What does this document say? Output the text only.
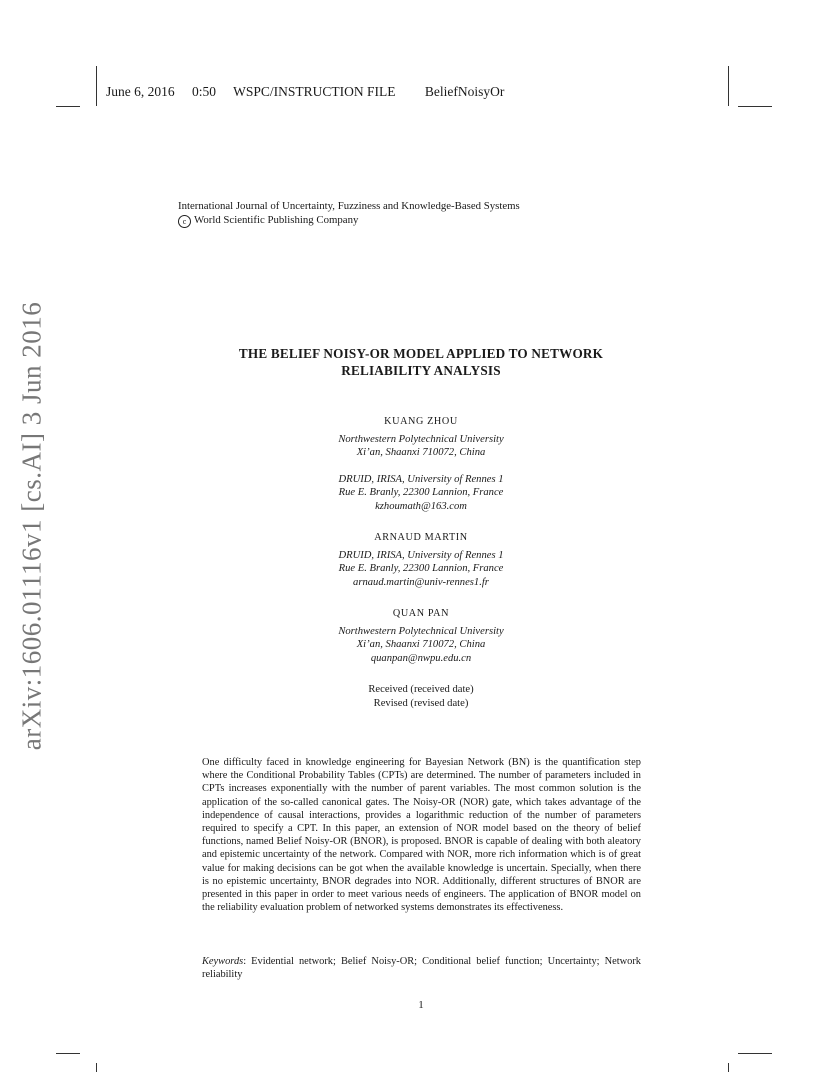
June 6, 2016 0:50 WSPC/INSTRUCTION FILE BeliefNoisyOr
International Journal of Uncertainty, Fuzziness and Knowledge-Based Systems
c World Scientific Publishing Company
arXiv:1606.01116v1 [cs.AI] 3 Jun 2016	THE BELIEF NOISY-OR MODEL APPLIED TO NETWORK
RELIABILITY ANALYSIS
KUANG ZHOU
Northwestern Polytechnical University
Xi’an, Shaanxi 710072, China
DRUID, IRISA, University of Rennes 1
Rue E. Branly, 22300 Lannion, France
kzhoumath@163.com
ARNAUD MARTIN
DRUID, IRISA, University of Rennes 1
Rue E. Branly, 22300 Lannion, France
arnaud.martin@univ-rennes1.fr
QUAN PAN
Northwestern Polytechnical University
Xi’an, Shaanxi 710072, China
quanpan@nwpu.edu.cn
Received (received date)
Revised (revised date)
One difficulty faced in knowledge engineering for Bayesian Network (BN) is the quantification step where the Conditional Probability Tables (CPTs) are determined. The number of parameters included in CPTs increases exponentially with the number of parent variables. The most common solution is the application of the so-called canonical gates. The Noisy-OR (NOR) gate, which takes advantage of the independence of causal interactions, provides a logarithmic reduction of the number of parameters required to specify a CPT. In this paper, an extension of NOR model based on the theory of belief functions, named Belief Noisy-OR (BNOR), is proposed. BNOR is capable of dealing with both aleatory and epistemic uncertainty of the network. Compared with NOR, more rich information which is of great value for making decisions can be got when the available knowledge is uncertain. Specially, when there is no epistemic uncertainty, BNOR degrades into NOR. Additionally, different structures of BNOR are presented in this paper in order to meet various needs of engineers. The application of BNOR model on the reliability evaluation problem of networked systems demonstrates its effectiveness.
Keywords: Evidential network; Belief Noisy-OR; Conditional belief function; Uncertainty; Network reliability
1
